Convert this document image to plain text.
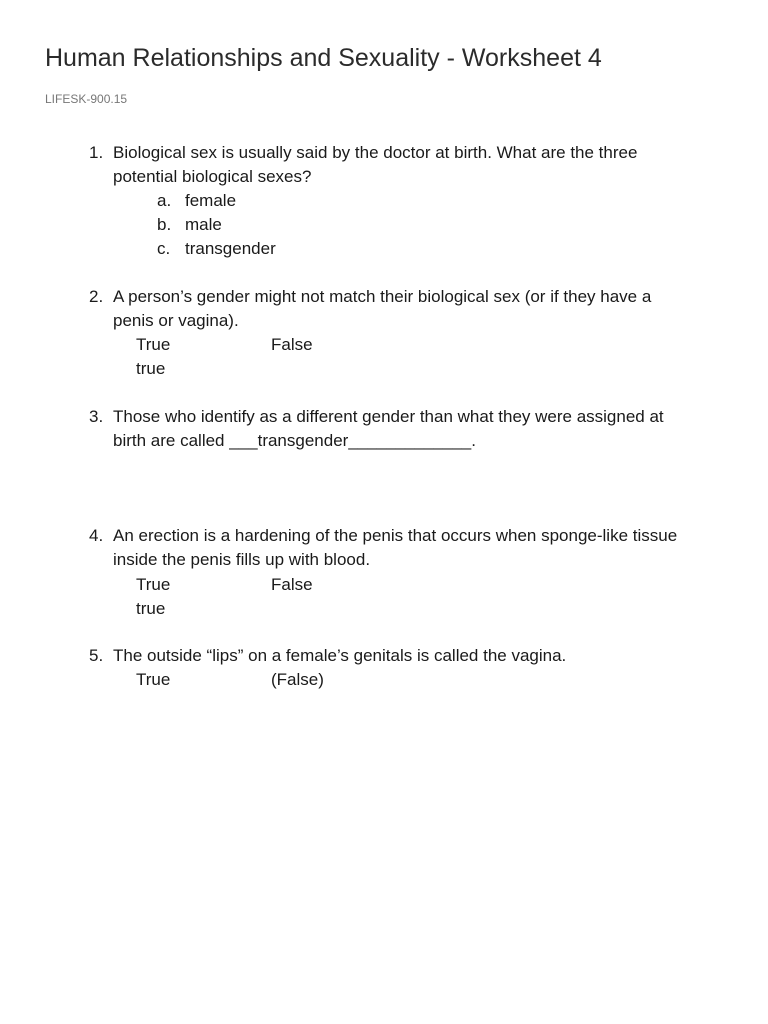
Human Relationships and Sexuality - Worksheet 4
LIFESK-900.15
1. Biological sex is usually said by the doctor at birth. What are the three potential biological sexes?
a. female
b. male
c. transgender
2. A person’s gender might not match their biological sex (or if they have a penis or vagina).
True	False
true
3. Those who identify as a different gender than what they were assigned at birth are called ___transgender_____________.
4. An erection is a hardening of the penis that occurs when sponge-like tissue inside the penis fills up with blood.
True	False
true
5. The outside “lips” on a female’s genitals is called the vagina.
True	(False)
